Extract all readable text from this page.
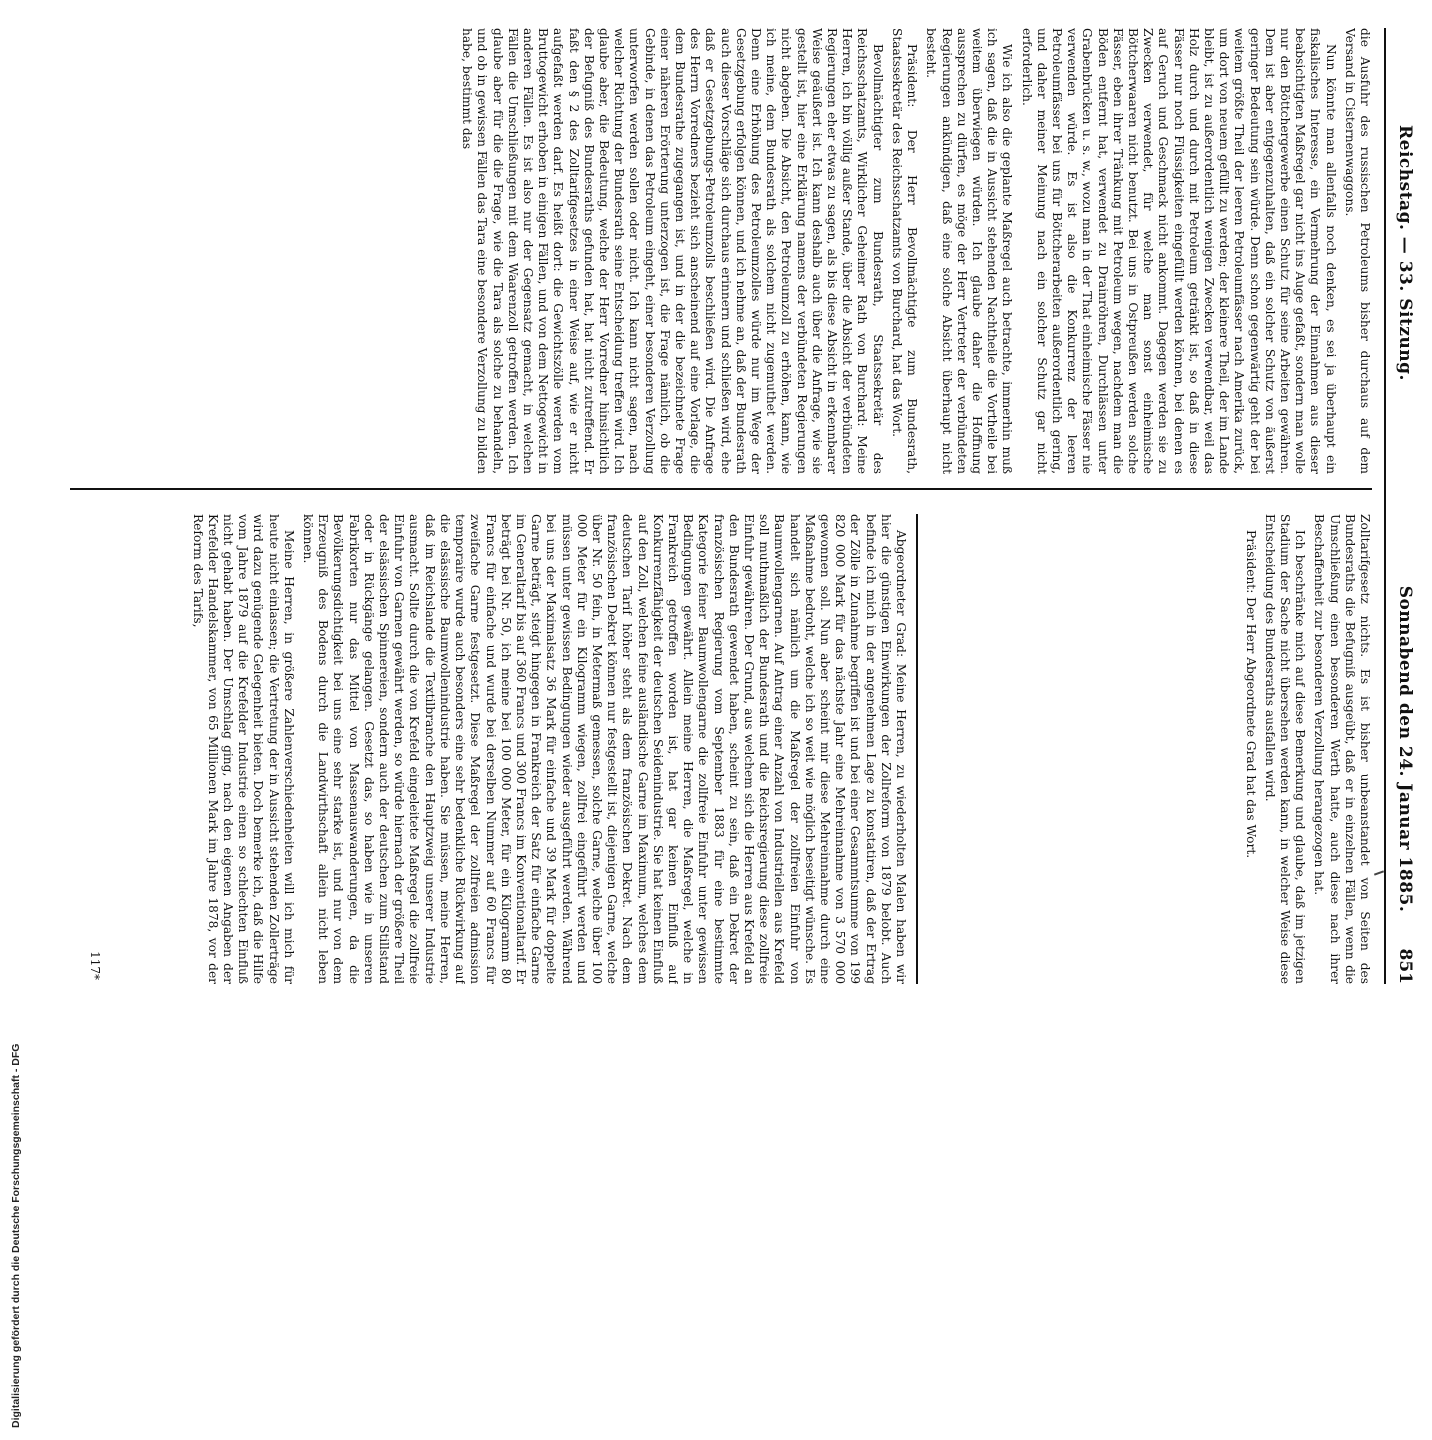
Reichstag. — 33. Sitzung.
Sonnabend den 24. Januar 1885.
851

die Ausfuhr des russischen Petroleums bisher durchaus auf dem Versand in Cisternenwaggons.

Nun könnte man allenfalls noch denken, es sei ja überhaupt ein fiskalisches Interesse, ein Vermehrung der Einnahmen aus dieser beabsichtigten Maßregel gar nicht ins Auge gefaßt, sondern man wolle nur den Böttchergewerbe einen Schutz für seine Arbeiten gewähren. Dem ist aber entgegenzuhalten, daß ein solcher Schutz von äußerst geringer Bedeutung sein würde. Denn schon gegenwärtig geht der bei weitem größte Theil der leeren Petroleumfässer nach Amerika zurück, um dort von neuem gefüllt zu werden; der kleinere Theil, der im Lande bleibt, ist zu außerordentlich wenigen Zwecken verwendbar, weil das Holz durch und durch mit Petroleum getränkt ist, so daß in diese Fässer nur noch Flüssigkeiten eingefüllt werden können, bei denen es auf Geruch und Geschmack nicht ankommt. Dagegen werden sie zu Zwecken verwendet, für welche man sonst einheimische Böttcherwaaren nicht benutzt. Bei uns in Ostpreußen werden solche Fässer, eben ihrer Tränkung mit Petroleum wegen, nachdem man die Böden entfernt hat, verwendet zu Drainröhren, Durchlässen unter Grabenbrücken u. s. w., wozu man in der That einheimische Fässer nie verwenden würde. Es ist also die Konkurrenz der leeren Petroleumfässer bei uns für Böttcherarbeiten außerordentlich gering, und daher meiner Meinung nach ein solcher Schutz gar nicht erforderlich.

Wie ich also die geplante Maßregel auch betrachte, immerhin muß ich sagen, daß die in Aussicht stehenden Nachtheile die Vortheile bei weitem überwiegen würden. Ich glaube daher die Hoffnung aussprechen zu dürfen, es möge der Herr Vertreter der verbündeten Regierungen ankündigen, daß eine solche Absicht überhaupt nicht besteht.

Präsident: Der Herr Bevollmächtigte zum Bundesrath, Staatssekretär des Reichsschatzamts von Burchard, hat das Wort.

Bevollmächtigter zum Bundesrath, Staatssekretär des Reichsschatzamts, Wirklicher Geheimer Rath von Burchard: Meine Herren, ich bin völlig außer Stande, über die Absicht der verbündeten Regierungen eher etwas zu sagen, als bis diese Absicht in erkennbarer Weise geäußert ist. Ich kann deshalb auch über die Anfrage, wie sie gestellt ist, hier eine Erklärung namens der verbündeten Regierungen nicht abgeben. Die Absicht, den Petroleumzoll zu erhöhen, kann, wie ich meine, dem Bundesrath als solchem nicht zugemuthet werden. Denn eine Erhöhung des Petroleumzolles würde nur im Wege der Gesetzgebung erfolgen können, und ich nehme an, daß der Bundesrath auch dieser Vorschläge sich durchaus erinnern und schließen wird, ehe daß er Gesetzgebungs-Petroleumzolls beschließen wird. Die Anfrage des Herrn Vorredners bezieht sich anscheinend auf eine Vorlage, die dem Bundesrathe zugegangen ist, und in der die bezeichnete Frage einer näheren Erörterung unterzogen ist, die Frage nämlich, ob die Gebinde, in denen das Petroleum eingeht, einer besonderen Verzollung unterworfen werden sollen oder nicht. Ich kann nicht sagen, nach welcher Richtung der Bundesrath seine Entscheidung treffen wird. Ich glaube aber, die Bedeutung, welche der Herr Vorredner hinsichtlich der Befugniß des Bundesraths gefunden hat, hat nicht zutreffend. Er faßt den § 2 des Zolltarifgesetzes in einer Weise auf, wie er nicht aufgefaßt werden darf. Es heißt dort: die Gewichtszölle werden vom Bruttogewicht erhoben in einigen Fällen, und von dem Nettogewicht in anderen Fällen. Es ist also nur der Gegensatz gemacht, in welchen Fällen die Umschließungen mit dem Waarenzoll getroffen werden. Ich glaube aber für die die Frage, wie die Tara als solche zu behandeln, und ob in gewissen Fällen das Tara eine besondere Verzollung zu bilden habe, bestimmt das

Zolltarifgesetz nichts. Es ist bisher unbeanstandet von Seiten des Bundesraths die Befugniß ausgeübt, daß er in einzelnen Fällen, wenn die Umschließung einen besonderen Werth hatte, auch diese nach ihrer Beschaffenheit zur besonderen Verzollung herangezogen hat.

Ich beschränke mich auf diese Bemerkung und glaube, daß im jetzigen Stadium der Sache nicht übersehen werden kann, in welcher Weise diese Entscheidung des Bundesraths ausfallen wird.

Präsident: Der Herr Abgeordnete Grad hat das Wort.

Abgeordneter Grad: Meine Herren, zu wiederholten Malen haben wir hier die günstigen Einwirkungen der Zollreform von 1879 belobt. Auch befinde ich mich in der angenehmen Lage zu konstatiren, daß der Ertrag der Zölle in Zunahme begriffen ist und bei einer Gesammtsumme von 199 820 000 Mark für das nächste Jahr eine Mehreinnahme von 3 570 000 gewonnen soll. Nun aber scheint mir diese Mehreinnahme durch eine Maßnahme bedroht, welche ich so weit wie möglich beseitigt wünsche. Es handelt sich nämlich um die Maßregel der zollfreien Einfuhr von Baumwollengarnen. Auf Antrag einer Anzahl von Industriellen aus Krefeld soll muthmaßlich der Bundesrath und die Reichsregierung diese zollfreie Einfuhr gewähren. Der Grund, aus welchem sich die Herren aus Krefeld an den Bundesrath gewendet haben, scheint zu sein, daß ein Dekret der französischen Regierung vom September 1883 für eine bestimmte Kategorie feiner Baumwollengarne die zollfreie Einfuhr unter gewissen Bedingungen gewährt. Allein meine Herren, die Maßregel, welche in Frankreich getroffen worden ist, hat gar keinen Einfluß auf Konkurrenzfähigkeit der deutschen Seidenindustrie. Sie hat keinen Einfluß auf den Zoll, welchen feine ausländische Garne im Maximum, welches dem deutschen Tarif höher steht als dem französischen Dekret. Nach dem französischen Dekret können nur festgestellt ist, diejenigen Garne, welche über Nr. 50 fein, in Metermaß gemessen, solche Garne, welche über 100 000 Meter für ein Kilogramm wiegen, zollfrei eingeführt werden und müssen unter gewissen Bedingungen wieder ausgeführt werden. Während bei uns der Maximalsatz 36 Mark für einfache und 39 Mark für doppelte Garne beträgt, steigt hingegen in Frankreich der Satz für einfache Garne im Generaltarif bis auf 360 Francs und 300 Francs im Konventionaltarif. Er beträgt bei Nr. 50, ich meine bei 100 000 Meter, für ein Kilogramm 80 Francs für einfache und wurde bei derselben Nummer auf 60 Francs für zweifache Garne festgesetzt. Diese Maßregel der zollfreien admission temporaire wurde auch besonders eine sehr bedenkliche Rückwirkung auf die elsässische Baumwollenindustrie haben. Sie müssen, meine Herren, daß im Reichslande die Textilbranche den Hauptzweig unserer Industrie ausmacht. Sollte durch die von Krefeld eingeleitete Maßregel die zollfreie Einfuhr von Garnen gewährt werden, so würde hiernach der größere Theil der elsässischen Spinnereien, sondern auch der deutschen zum Stillstand oder in Rückgänge gelangen. Gesetzt das, so haben wie in unseren Fabrikorten nur das Mittel von Massenauswanderungen, da die Bevölkerungsdichtigkeit bei uns eine sehr starke ist, und nur von dem Erzeugniß des Bodens durch die Landwirthschaft allein nicht leben können.

Meine Herren, in größere Zahlenverschiedenheiten will ich mich für heute nicht einlassen; die Vertretung der in Aussicht stehenden Zollerträge wird dazu genügende Gelegenheit bieten. Doch bemerke ich, daß die Hilfe vom Jahre 1879 auf die Krefelder Industrie einen so schlechten Einfluß nicht gehabt haben. Der Umschlag ging, nach den eigenen Angaben der Krefelder Handelskammer, von 65 Millionen Mark im Jahre 1878, vor der Reform des Tarifs,

117*
Digitalisierung gefördert durch die Deutsche Forschungsgemeinschaft - DFG
